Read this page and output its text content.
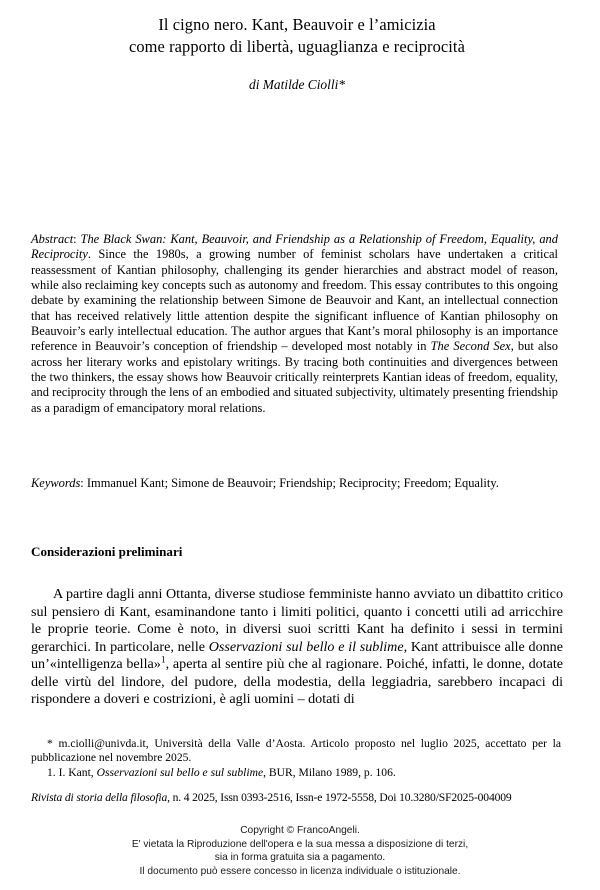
Il cigno nero. Kant, Beauvoir e l’amicizia
come rapporto di libertà, uguaglianza e reciprocità
di Matilde Ciolli*
Abstract: The Black Swan: Kant, Beauvoir, and Friendship as a Relationship of Freedom, Equality, and Reciprocity. Since the 1980s, a growing number of feminist scholars have undertaken a critical reassessment of Kantian philosophy, challenging its gender hierarchies and abstract model of reason, while also reclaiming key concepts such as autonomy and freedom. This essay contributes to this ongoing debate by examining the relationship between Simone de Beauvoir and Kant, an intellectual connection that has received relatively little attention despite the significant influence of Kantian philosophy on Beauvoir’s early intellectual education. The author argues that Kant’s moral philosophy is an importance reference in Beauvoir’s conception of friendship – developed most notably in The Second Sex, but also across her literary works and epistolary writings. By tracing both continuities and divergences between the two thinkers, the essay shows how Beauvoir critically reinterprets Kantian ideas of freedom, equality, and reciprocity through the lens of an embodied and situated subjectivity, ultimately presenting friendship as a paradigm of emancipatory moral relations.
Keywords: Immanuel Kant; Simone de Beauvoir; Friendship; Reciprocity; Freedom; Equality.
Considerazioni preliminari

A partire dagli anni Ottanta, diverse studiose femministe hanno avviato un dibattito critico sul pensiero di Kant, esaminandone tanto i limiti politici, quanto i concetti utili ad arricchire le proprie teorie. Come è noto, in diversi suoi scritti Kant ha definito i sessi in termini gerarchici. In particolare, nelle Osservazioni sul bello e il sublime, Kant attribuisce alle donne un’«intelligenza bella»$^1$, aperta al sentire più che al ragionare. Poiché, infatti, le donne, dotate delle virtù del lindore, del pudore, della modestia, della leggiadria, sarebbero incapaci di rispondere a doveri e costrizioni, è agli uomini – dotati di

* m.ciolli@univda.it, Università della Valle d’Aosta. Articolo proposto nel luglio 2025, accettato per la pubblicazione nel novembre 2025.

1. I. Kant, Osservazioni sul bello e sul sublime, BUR, Milano 1989, p. 106.

Rivista di storia della filosofia, n. 4 2025, Issn 0393-2516, Issn-e 1972-5558, Doi 10.3280/SF2025-004009
Copyright © FrancoAngeli.
E' vietata la Riproduzione dell'opera e la sua messa a disposizione di terzi,
sia in forma gratuita sia a pagamento.
Il documento può essere concesso in licenza individuale o istituzionale.
